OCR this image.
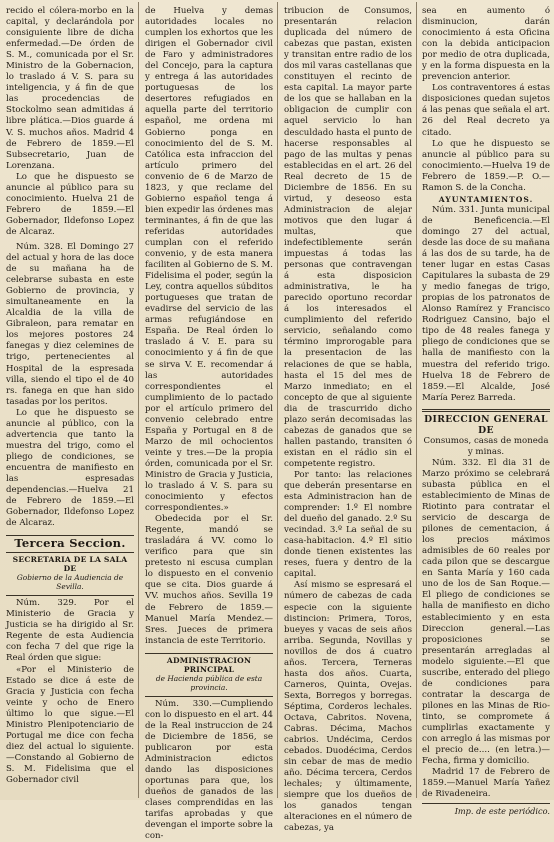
recido el cólera-morbo en la capital, y declarándola por consiguiente libre de dicha enfermedad.—De órden de S. M., comunicada por el Sr. Ministro de la Gobernacion, lo traslado á V. S. para su inteligencia, y á fin de que las procedencias de Stockolmo sean admitidas á libre plática.—Dios guarde á V. S. muchos años. Madrid 4 de Febrero de 1859.—El Subsecretario, Juan de Lorenzana.

Lo que he dispuesto se anuncie al público para su conocimiento. Huelva 21 de Febrero de 1859.—El Gobernador, Ildefonso Lopez de Alcaraz.

Núm. 328. El Domingo 27 del actual y hora de las doce de su mañana ha de celebrarse subasta en este Gobierno de provincia, y simultaneamente en la Alcaldia de la villa de Gibraleon, para rematar en los mejores postores 24 fanegas y diez celemines de trigo, pertenecientes al Hospital de la espresada villa, siendo el tipo el de 40 rs. fanega en que han sido tasadas por los peritos.

Lo que he dispuesto se anuncie al público, con la advertencia que tanto la muestra del trigo, como el pliego de condiciones, se encuentra de manifiesto en las espresadas dependencias.—Huelva 21 de Febrero de 1859.—El Gobernador, Ildefonso Lopez de Alcaraz.

Tercera Seccion.

SECRETARIA DE LA SALA DE
Gobierno de la Audiencia de
Sevilla.

Núm. 329. Por el Ministerio de Gracia y Justicia se ha dirigido al Sr. Regente de esta Audiencia con fecha 7 del que rige la Real órden que sigue:

«Por el Ministerio de Estado se dice á este de Gracia y Justicia con fecha veinte y ocho de Enero último lo que sigue.—El Ministro Plenipotenciario de Portugal me dice con fecha diez del actual lo siguiente.—Constando al Gobierno de S. M. Fidelisima que el Gobernador civil

de Huelva y demas autoridades locales no cumplen los exhortos que les dirigen el Gobernador civil de Faro y administradores del Concejo, para la captura y entrega á las autoridades portuguesas de los desertores refugiados en aquella parte del territorio español, me ordena mi Gobierno ponga en conocimiento del de S. M. Católica esta infraccion del artículo primero del convenio de 6 de Marzo de 1823, y que reclame del Gobierno español tenga á bien expedir las órdenes mas terminantes, á fin de que las referidas autoridades cumplan con el referido convenio, y de esta manera faciliten al Gobierno de S. M. Fidelisima el poder, según la Ley, contra aquellos súbditos portugueses que tratan de evadirse del servicio de las armas refugiándose en España. De Real órden lo traslado á V. E. para su conocimiento y á fin de que se sirva V. E. recomendar á las autoridades correspondientes el cumplimiento de lo pactado por el artículo primero del convenio celebrado entre España y Portugal en 8 de Marzo de mil ochocientos veinte y tres.—De la propia órden, comunicada por el Sr. Ministro de Gracia y Justicia, lo traslado á V. S. para su conocimiento y efectos correspondientes.»

Obedecida por el Sr. Regente, mandó se trasladára á VV. como lo verifico para que sin pretesto ni escusa cumplan lo dispuesto en el convenio que se cita. Dios guarde á VV. muchos años. Sevilla 19 de Febrero de 1859.—Manuel María Mendez.—Sres. Jueces de primera instancia de este Territorio.

ADMINISTRACION PRINCIPAL
de Hacienda pública de esta provincia.

Núm. 330.—Cumpliendo con lo dispuesto en el art. 44 de la Real instruccion de 24 de Diciembre de 1856, se publicaron por esta Administracion edictos dando las disposiciones oportunas para que, los dueños de ganados de las clases comprendidas en las tarifas aprobadas y que devengan el importe sobre la con-

tribucion de Consumos, presentarán relacion duplicada del número de cabezas que pastan, existen y transitan entre radio de los dos mil varas castellanas que constituyen el recinto de esta capital. La mayor parte de los que se hallaban en la obligacion de cumplir con aquel servicio lo han desculdado hasta el punto de hacerse responsables al pago de las multas y penas establecidas en el art. 26 del Real decreto de 15 de Diciembre de 1856. En su virtud, y deseoso esta Administracion de alejar motivos que den lugar á multas, que indefectiblemente serán impuestas á todas las personas que contravengan á esta disposicion administrativa, le ha parecido oportuno recordar á los interesados el cumplimiento del referido servicio, señalando como término improrogable para la presentacion de las relaciones de que se habla, hasta el 15 del mes de Marzo inmediato; en el concepto de que al siguiente dia de trascurrido dicho plazo serán decomisadas las cabezas de ganados que se hallen pastando, transiten ó existan en el rádio sin el competente registro.

Por tanto: las relaciones que deberán presentarse en esta Administracion han de comprender: 1.º El nombre del dueño del ganado. 2.º Su vecindad. 3.º La señal de su casa-habitacion. 4.º El sitio donde tienen existentes las reses, fuera y dentro de la capital.

Así mismo se espresará el número de cabezas de cada especie con la siguiente distincion: Primera, Toros, bueyes y vacas de seis años arriba. Segunda, Novillas y novillos de dos á cuatro años. Tercera, Terneras hasta dos años. Cuarta, Carneros, Quinta, Ovejas. Sexta, Borregos y borregas. Séptima, Corderos lechales. Octava, Cabritos. Novena, Cabras. Décima, Machos cabrios. Undécima, Cerdos cebados. Duodécima, Cerdos sin cebar de mas de medio año. Décima tercera, Cerdos lechales; y últimamente, siempre que los dueños de los ganados tengan alteraciones en el número de cabezas, ya

sea en aumento ó disminucion, darán conocimiento á esta Oficina con la debida anticipacion por medio de otra duplicada, y en la forma dispuesta en la prevencion anterior.

Los contraventores á estas disposiciones quedan sujetos á las penas que señala el art. 26 del Real decreto ya citado.

Lo que he dispuesto se anuncie al público para su conocimiento.—Huelva 19 de Febrero de 1859.—P. O.—Ramon S. de la Concha.

AYUNTAMIENTOS.

Núm. 331. Junta municipal de Beneficencia.—El domingo 27 del actual, desde las doce de su mañana á las dos de su tarde, ha de tener lugar en estas Casas Capitulares la subasta de 29 y medio fanegas de trigo, propias de los patronatos de Alonso Ramírez y Francisco Rodriguez Cansino, bajo el tipo de 48 reales fanega y pliego de condiciones que se halla de manifiesto con la muestra del referido trigo. Huelva 18 de Febrero de 1859.—El Alcalde, José María Perez Barreda.

DIRECCION GENERAL DE

Consumos, casas de moneda y minas.

Núm. 332. El dia 31 de Marzo próximo se celebrará subasta pública en el establecimiento de Minas de Riotinto para contratar el servicio de descarga de pilones de cementacion, á los precios máximos admisibles de 60 reales por cada pilon que se descargue en Santa María y 160 cada uno de los de San Roque.—El pliego de condiciones se halla de manifiesto en dicho establecimiento y en esta Direccion general.—Las proposiciones se presentarán arregladas al modelo siguiente.—El que suscribe, enterado del pliego de condiciones para contratar la descarga de pilones en las Minas de Rio-tinto, se compromete á cumplirlas exactamente y con arreglo á las mismas por el precio de.... (en letra.)—Fecha, firma y domicilio.

Madrid 17 de Febrero de 1859.—Manuel María Yañez de Rivadeneira.

Imp. de este periódico.
